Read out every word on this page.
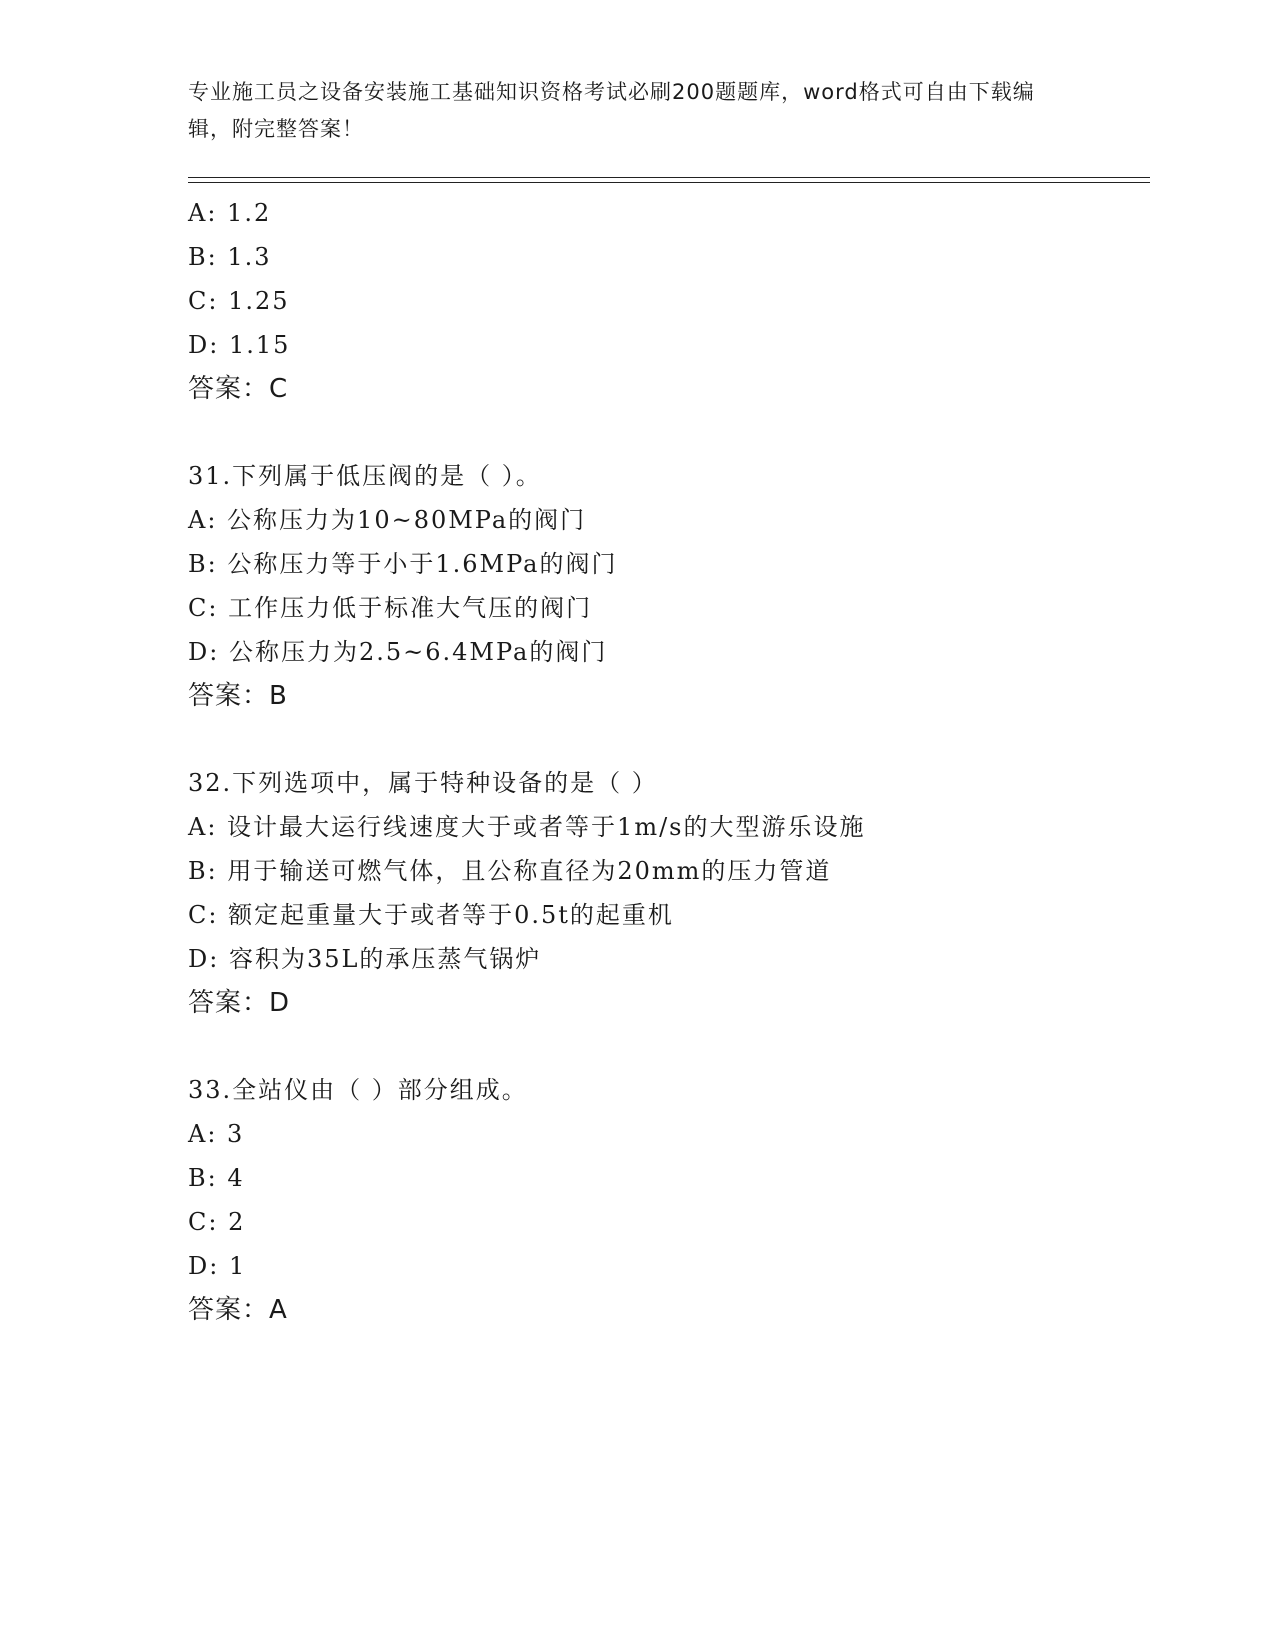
专业施工员之设备安装施工基础知识资格考试必刷200题题库，word格式可自由下载编辑，附完整答案！
A: 1.2
B: 1.3
C: 1.25
D: 1.15
答案：C
31.下列属于低压阀的是（ ）。
A: 公称压力为10~80MPa的阀门
B: 公称压力等于小于1.6MPa的阀门
C: 工作压力低于标准大气压的阀门
D: 公称压力为2.5~6.4MPa的阀门
答案：B
32.下列选项中，属于特种设备的是（ ）
A: 设计最大运行线速度大于或者等于1m/s的大型游乐设施
B: 用于输送可燃气体，且公称直径为20mm的压力管道
C: 额定起重量大于或者等于0.5t的起重机
D: 容积为35L的承压蒸气锅炉
答案：D
33.全站仪由（ ）部分组成。
A: 3
B: 4
C: 2
D: 1
答案：A
